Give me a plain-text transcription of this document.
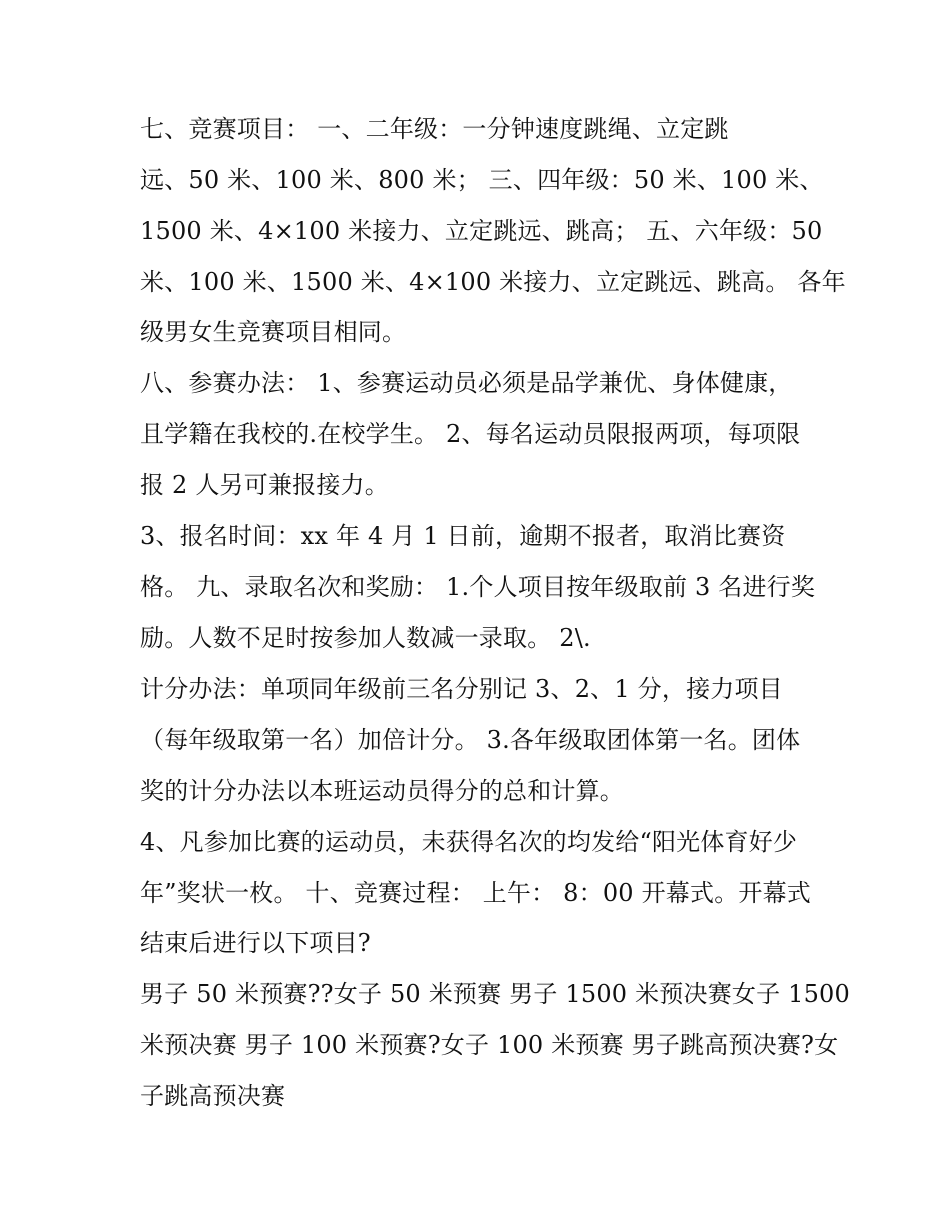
七、竞赛项目： 一、二年级：一分钟速度跳绳、立定跳

远、50 米、100 米、800 米； 三、四年级：50 米、100 米、

1500 米、4×100 米接力、立定跳远、跳高； 五、六年级：50

米、100 米、1500 米、4×100 米接力、立定跳远、跳高。 各年

级男女生竞赛项目相同。

八、参赛办法： 1、参赛运动员必须是品学兼优、身体健康，

且学籍在我校的.在校学生。 2、每名运动员限报两项，每项限

报 2 人另可兼报接力。

3、报名时间：xx 年 4 月 1 日前，逾期不报者，取消比赛资

格。 九、录取名次和奖励： 1.个人项目按年级取前 3 名进行奖

励。人数不足时按参加人数减一录取。 2\.

计分办法：单项同年级前三名分别记 3、2、1 分，接力项目

（每年级取第一名）加倍计分。 3.各年级取团体第一名。团体

奖的计分办法以本班运动员得分的总和计算。

4、凡参加比赛的运动员，未获得名次的均发给“阳光体育好少

年”奖状一枚。 十、竞赛过程： 上午： 8：00 开幕式。开幕式

结束后进行以下项目?

男子 50 米预赛??女子 50 米预赛 男子 1500 米预决赛女子 1500

米预决赛 男子 100 米预赛?女子 100 米预赛 男子跳高预决赛?女

子跳高预决赛
